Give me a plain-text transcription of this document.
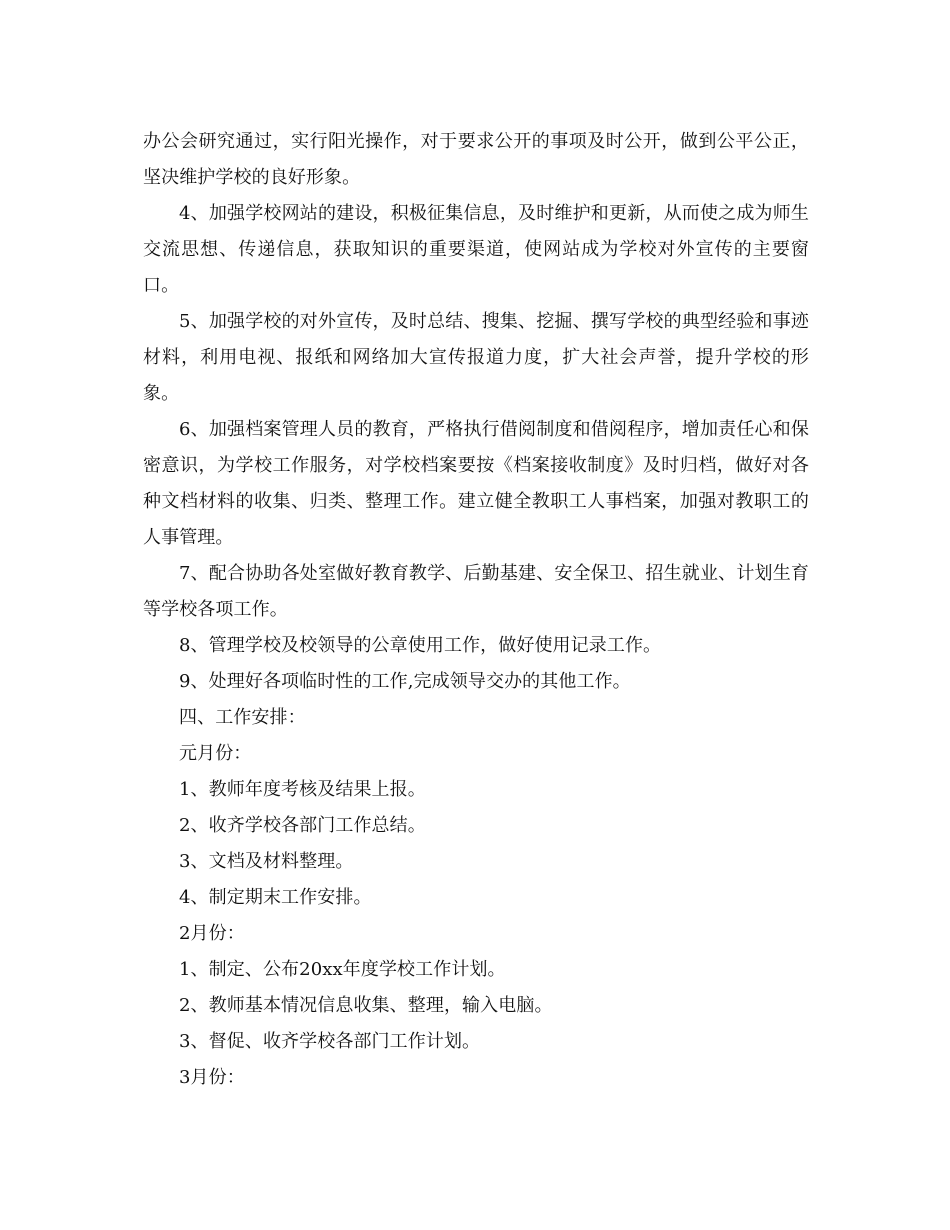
办公会研究通过，实行阳光操作，对于要求公开的事项及时公开，做到公平公正，坚决维护学校的良好形象。

4、加强学校网站的建设，积极征集信息，及时维护和更新，从而使之成为师生交流思想、传递信息，获取知识的重要渠道，使网站成为学校对外宣传的主要窗口。

5、加强学校的对外宣传，及时总结、搜集、挖掘、撰写学校的典型经验和事迹材料，利用电视、报纸和网络加大宣传报道力度，扩大社会声誉，提升学校的形象。

6、加强档案管理人员的教育，严格执行借阅制度和借阅程序，增加责任心和保密意识，为学校工作服务，对学校档案要按《档案接收制度》及时归档，做好对各种文档材料的收集、归类、整理工作。建立健全教职工人事档案，加强对教职工的人事管理。

7、配合协助各处室做好教育教学、后勤基建、安全保卫、招生就业、计划生育等学校各项工作。

8、管理学校及校领导的公章使用工作，做好使用记录工作。

9、处理好各项临时性的工作,完成领导交办的其他工作。

四、工作安排：

元月份：

1、教师年度考核及结果上报。

2、收齐学校各部门工作总结。

3、文档及材料整理。

4、制定期末工作安排。

2月份：

1、制定、公布20xx年度学校工作计划。

2、教师基本情况信息收集、整理，输入电脑。

3、督促、收齐学校各部门工作计划。

3月份：
